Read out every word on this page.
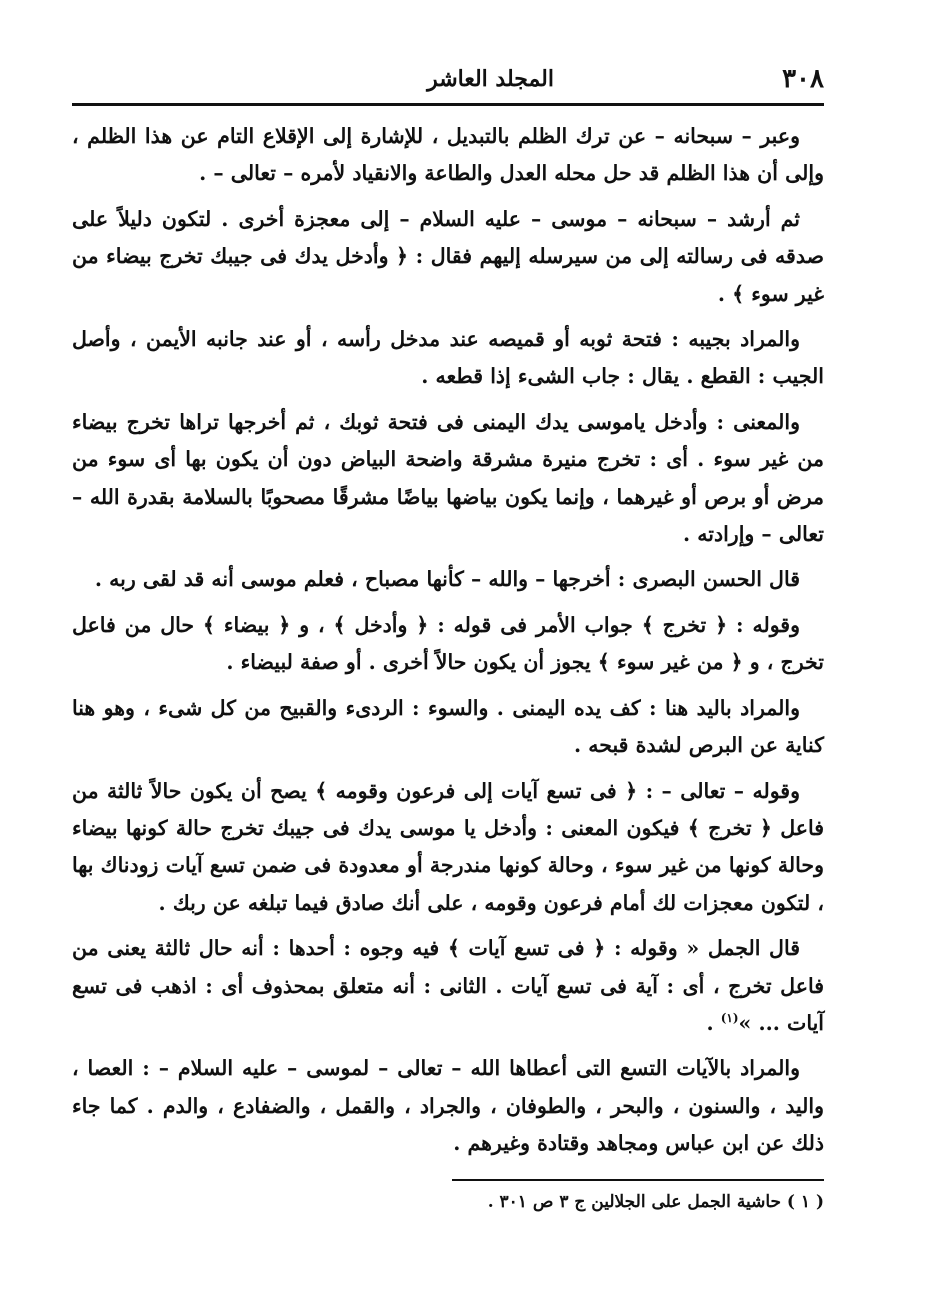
٣٠٨
المجلد العاشر

وعبر – سبحانه – عن ترك الظلم بالتبديل ، للإشارة إلى الإقلاع التام عن هذا الظلم ، وإلى أن هذا الظلم قد حل محله العدل والطاعة والانقياد لأمره – تعالى – .

ثم أرشد – سبحانه – موسى – عليه السلام – إلى معجزة أخرى . لتكون دليلاً على صدقه فى رسالته إلى من سيرسله إليهم فقال : ﴿ وأدخل يدك فى جيبك تخرج بيضاء من غير سوء ﴾ .

والمراد بجيبه : فتحة ثوبه أو قميصه عند مدخل رأسه ، أو عند جانبه الأيمن ، وأصل الجيب : القطع . يقال : جاب الشىء إذا قطعه .

والمعنى : وأدخل ياموسى يدك اليمنى فى فتحة ثوبك ، ثم أخرجها تراها تخرج بيضاء من غير سوء . أى : تخرج منيرة مشرقة واضحة البياض دون أن يكون بها أى سوء من مرض أو برص أو غيرهما ، وإنما يكون بياضها بياضًا مشرقًا مصحوبًا بالسلامة بقدرة الله – تعالى – وإرادته .

قال الحسن البصرى : أخرجها – والله – كأنها مصباح ، فعلم موسى أنه قد لقى ربه .

وقوله : ﴿ تخرج ﴾ جواب الأمر فى قوله : ﴿ وأدخل ﴾ ، و ﴿ بيضاء ﴾ حال من فاعل تخرج ، و ﴿ من غير سوء ﴾ يجوز أن يكون حالاً أخرى . أو صفة لبيضاء .

والمراد باليد هنا : كف يده اليمنى . والسوء : الردىء والقبيح من كل شىء ، وهو هنا كناية عن البرص لشدة قبحه .

وقوله – تعالى – : ﴿ فى تسع آيات إلى فرعون وقومه ﴾ يصح أن يكون حالاً ثالثة من فاعل ﴿ تخرج ﴾ فيكون المعنى : وأدخل يا موسى يدك فى جيبك تخرج حالة كونها بيضاء وحالة كونها من غير سوء ، وحالة كونها مندرجة أو معدودة فى ضمن تسع آيات زودناك بها ، لتكون معجزات لك أمام فرعون وقومه ، على أنك صادق فيما تبلغه عن ربك .

قال الجمل « وقوله : ﴿ فى تسع آيات ﴾ فيه وجوه : أحدها : أنه حال ثالثة يعنى من فاعل تخرج ، أى : آية فى تسع آيات . الثانى : أنه متعلق بمحذوف أى : اذهب فى تسع آيات ... »$^{(١)}$ .

والمراد بالآيات التسع التى أعطاها الله – تعالى – لموسى – عليه السلام – : العصا ، واليد ، والسنون ، والبحر ، والطوفان ، والجراد ، والقمل ، والضفادع ، والدم . كما جاء ذلك عن ابن عباس ومجاهد وقتادة وغيرهم .

( ١ ) حاشية الجمل على الجلالين ج ٣ ص ٣٠١ .
